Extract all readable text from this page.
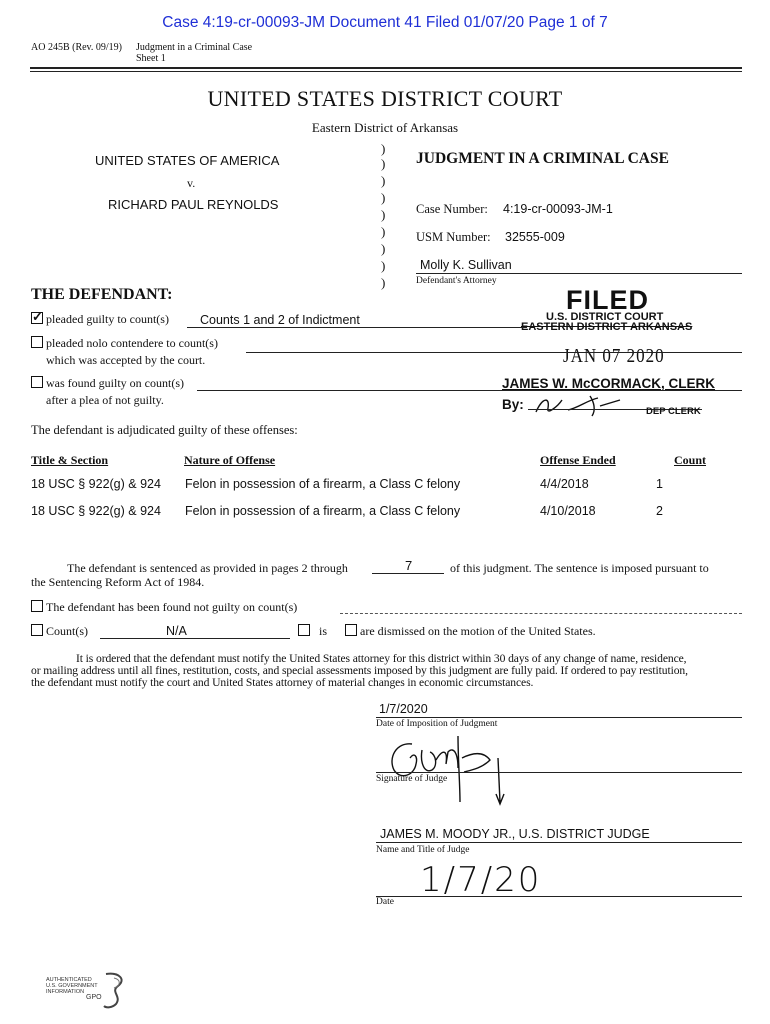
Case 4:19-cr-00093-JM Document 41 Filed 01/07/20 Page 1 of 7
AO 245B (Rev. 09/19) Judgment in a Criminal Case
Sheet 1
UNITED STATES DISTRICT COURT
Eastern District of Arkansas
UNITED STATES OF AMERICA
v.
RICHARD PAUL REYNOLDS
)
)
)
)
)
)
)
)
)
JUDGMENT IN A CRIMINAL CASE
Case Number: 4:19-cr-00093-JM-1
USM Number: 32555-009
Molly K. Sullivan
Defendant's Attorney
FILED
U.S. DISTRICT COURT
EASTERN DISTRICT ARKANSAS
JAN 07 2020
JAMES W. McCORMACK, CLERK
By:	DEP CLERK
THE DEFENDANT:
✓pleaded guilty to count(s) Counts 1 and 2 of Indictment
pleaded nolo contendere to count(s)
which was accepted by the court.
was found guilty on count(s)
after a plea of not guilty.
The defendant is adjudicated guilty of these offenses:
Title & Section	Nature of Offense	Offense Ended	Count
18 USC § 922(g) & 924 Felon in possession of a firearm, a Class C felony	4/4/2018	1
18 USC § 922(g) & 924 Felon in possession of a firearm, a Class C felony	4/10/2018	2
The defendant is sentenced as provided in pages 2 through	7	of this judgment. The sentence is imposed pursuant to
the Sentencing Reform Act of 1984.
The defendant has been found not guilty on count(s)
Count(s)	N/A	is	are dismissed on the motion of the United States.
It is ordered that the defendant must notify the United States attorney for this district within 30 days of any change of name, residence,
or mailing address until all fines, restitution, costs, and special assessments imposed by this judgment are fully paid. If ordered to pay restitution,
the defendant must notify the court and United States attorney of material changes in economic circumstances.
1/7/2020
Date of Imposition of Judgment
Signature of Judge
JAMES M. MOODY JR., U.S. DISTRICT JUDGE
Name and Title of Judge
1/7/20
Date
AUTHENTICATED
U.S. GOVERNMENT
INFORMATION
GPO
